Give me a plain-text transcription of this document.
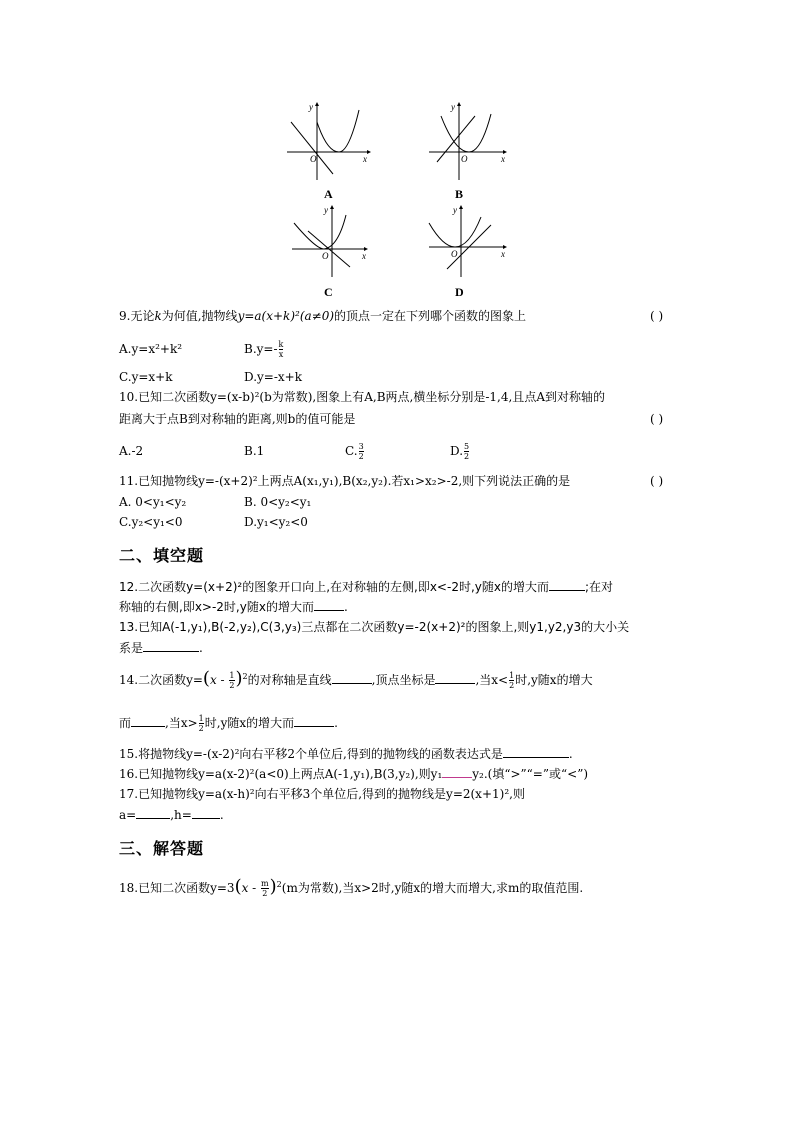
O	x
y
A
O	x
y
B
O	x
y
C
O	x
y
D
9.无论k为何值,抛物线y=a(x+k)²(a≠0)的顶点一定在下列哪个函数的图象上	( )
A.y=x²+k²	$B.y=- \frac{k}{x}$
C.y=x+k	D.y=-x+k
10.已知二次函数y=(x-b)²(b为常数),图象上有A,B两点,横坐标分别是-1,4,且点A到对称轴的
距离大于点B到对称轴的距离,则b的值可能是	( )
A.-2	B.1	C. $\frac{3}{2}$	D. $\frac{5}{2}$
11.已知抛物线y=-(x+2)²上两点A(x₁,y₁),B(x₂,y₂).若x₁>x₂>-2,则下列说法正确的是	( )
A. 0<y₁<y₂	B. 0<y₂<y₁
C.y₂<y₁<0	D.y₁<y₂<0
二、填空题
12.二次函数y=(x+2)²的图象开口向上,在对称轴的左侧,即x<-2时,y随x的增大而	;在对
称轴的右侧,即x>-2时,y随x的增大而	.
13.已知A(-1,y₁),B(-2,y₂),C(3,y₃)三点都在二次函数y=-2(x+2)²的图象上,则y1,y2,y3的大小关
系是	.
14.二次函数$y=(x - \frac{1}{2} )^2$的对称轴是直线	,顶点坐标是	,当$x< \frac{1}{2}$ 时,y随x的增大
而	,当$x> \frac{1}{2}$ 时,y随x的增大而	.
15.将抛物线y=-(x-2)²向右平移2个单位后,得到的抛物线的函数表达式是	.
16.已知抛物线y=a(x-2)²(a<0)上两点A(-1,y₁),B(3,y₂),则y₁	y₂.(填“>”“=”或“<”)
17.已知抛物线y=a(x-h)²向右平移3个单位后,得到的抛物线是y=2(x+1)²,则
a=	,h= .
三、解答题
18.已知二次函数$y=3(x - \frac{m}{2} )^2(m$为常数),当x>2时,y随x的增大而增大,求m的取值范围.
